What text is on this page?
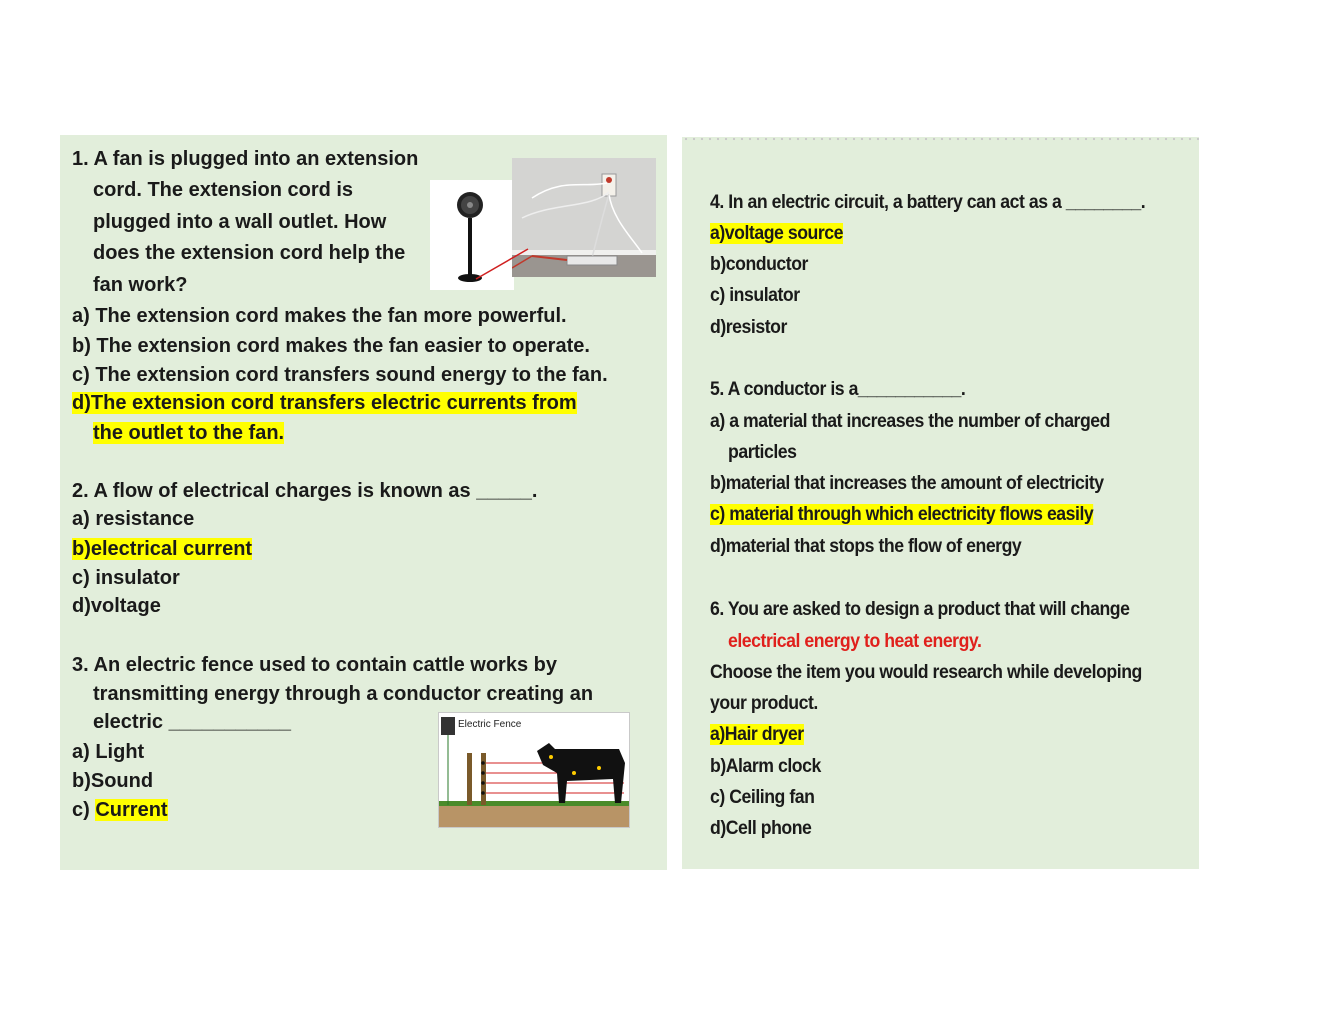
1. A fan is plugged into an extension
cord. The extension cord is
plugged into a wall outlet. How
does the extension cord help the
fan work?
a) The extension cord makes the fan more powerful.
b) The extension cord makes the fan easier to operate.
c) The extension cord transfers sound energy to the fan.
d)The extension cord transfers electric currents from
the outlet to the fan.
2. A flow of electrical charges is known as _____.
a) resistance
b)electrical current
c) insulator
d)voltage
3. An electric fence used to contain cattle works by
transmitting energy through a conductor creating an
electric ___________
a) Light
b)Sound
c) Current
Electric Fence
4. In an electric circuit, a battery can act as a ________.
a)voltage source
b)conductor
c) insulator
d)resistor
5. A conductor is a___________.
a) a material that increases the number of charged
particles
b)material that increases the amount of electricity
c) material through which electricity flows easily
d)material that stops the flow of energy
6. You are asked to design a product that will change
electrical energy to heat energy.
Choose the item you would research while developing
your product.
a)Hair dryer
b)Alarm clock
c) Ceiling fan
d)Cell phone
